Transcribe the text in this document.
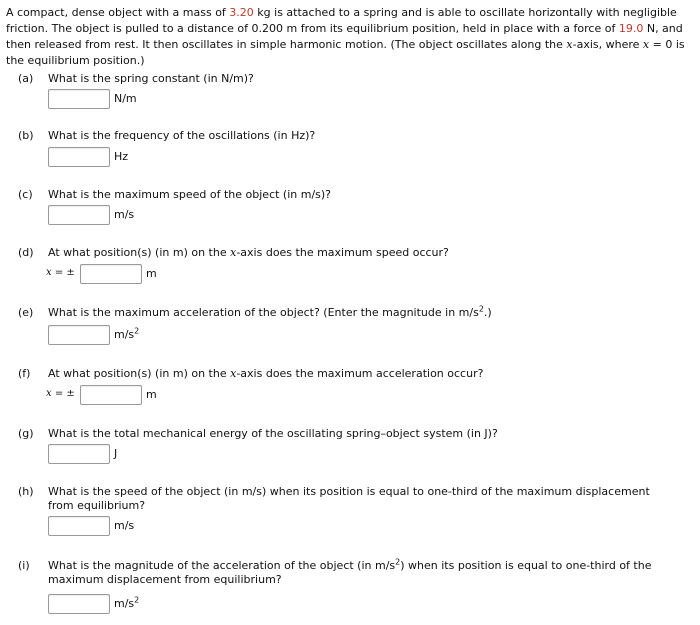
A compact, dense object with a mass of 3.20 kg is attached to a spring and is able to oscillate horizontally with negligible friction. The object is pulled to a distance of 0.200 m from its equilibrium position, held in place with a force of 19.0 N, and then released from rest. It then oscillates in simple harmonic motion. (The object oscillates along the x-axis, where x = 0 is the equilibrium position.)

(a) What is the spring constant (in N/m)?
N/m
(b) What is the frequency of the oscillations (in Hz)?
Hz
(c) What is the maximum speed of the object (in m/s)?
m/s
(d) At what position(s) (in m) on the x-axis does the maximum speed occur?
x = ±	m
(e) What is the maximum acceleration of the object? (Enter the magnitude in $m/s^2$.)
$m/s^2$
(f) At what position(s) (in m) on the x-axis does the maximum acceleration occur?
x = ±	m
(g) What is the total mechanical energy of the oscillating spring–object system (in J)?
J
(h) What is the speed of the object (in m/s) when its position is equal to one-third of the maximum displacement from equilibrium?
m/s
(i) What is the magnitude of the acceleration of the object (in $m/s^2$) when its position is equal to one-third of the maximum displacement from equilibrium?
$m/s^2$
